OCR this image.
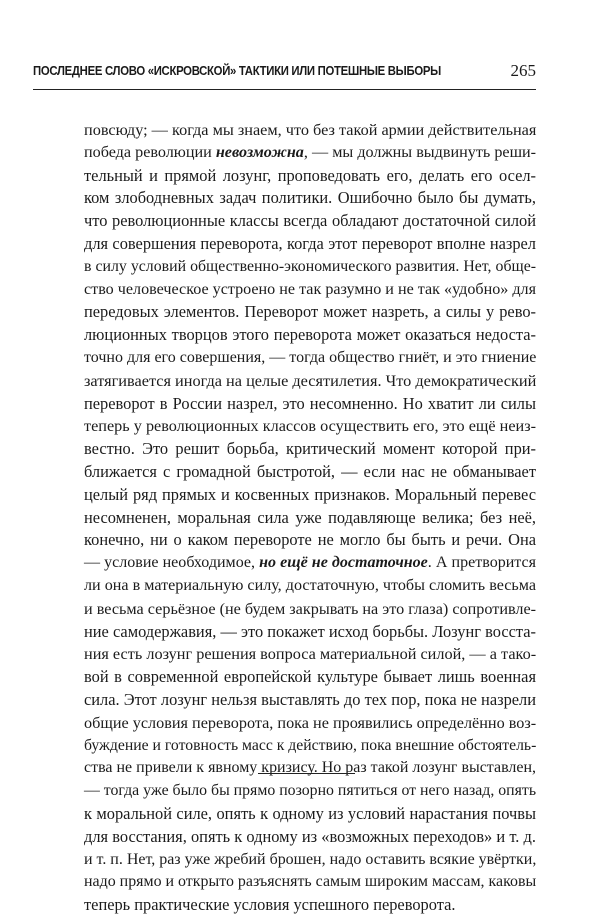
ПОСЛЕДНЕЕ СЛОВО «ИСКРОВСКОЙ» ТАКТИКИ ИЛИ ПОТЕШНЫЕ ВЫБОРЫ	265
повсюду; — когда мы знаем, что без такой армии действительная
победа революции невозможна, — мы должны выдвинуть реши-
тельный и прямой лозунг, проповедовать его, делать его осел-
ком злободневных задач политики. Ошибочно было бы думать,
что революционные классы всегда обладают достаточной силой
для совершения переворота, когда этот переворот вполне назрел
в силу условий общественно-экономического развития. Нет, обще-
ство человеческое устроено не так разумно и не так «удобно» для
передовых элементов. Переворот может назреть, а силы у рево-
люционных творцов этого переворота может оказаться недоста-
точно для его совершения, — тогда общество гниёт, и это гниение
затягивается иногда на целые десятилетия. Что демократический
переворот в России назрел, это несомненно. Но хватит ли силы
теперь у революционных классов осуществить его, это ещё неиз-
вестно. Это решит борьба, критический момент которой при-
ближается с громадной быстротой, — если нас не обманывает
целый ряд прямых и косвенных признаков. Моральный перевес
несомненен, моральная сила уже подавляюще велика; без неё,
конечно, ни о каком перевороте не могло бы быть и речи. Она
— условие необходимое, но ещё не достаточное. А претворится
ли она в материальную силу, достаточную, чтобы сломить весьма
и весьма серьёзное (не будем закрывать на это глаза) сопротивле-
ние самодержавия, — это покажет исход борьбы. Лозунг восста-
ния есть лозунг решения вопроса материальной силой, — а тако-
вой в современной европейской культуре бывает лишь военная
сила. Этот лозунг нельзя выставлять до тех пор, пока не назрели
общие условия переворота, пока не проявились определённо воз-
буждение и готовность масс к действию, пока внешние обстоятель-
ства не привели к явному кризису. Но раз такой лозунг выставлен,
— тогда уже было бы прямо позорно пятиться от него назад, опять
к моральной силе, опять к одному из условий нарастания почвы
для восстания, опять к одному из «возможных переходов» и т. д.
и т. п. Нет, раз уже жребий брошен, надо оставить всякие увёртки,
надо прямо и открыто разъяснять самым широким массам, каковы
теперь практические условия успешного переворота.
